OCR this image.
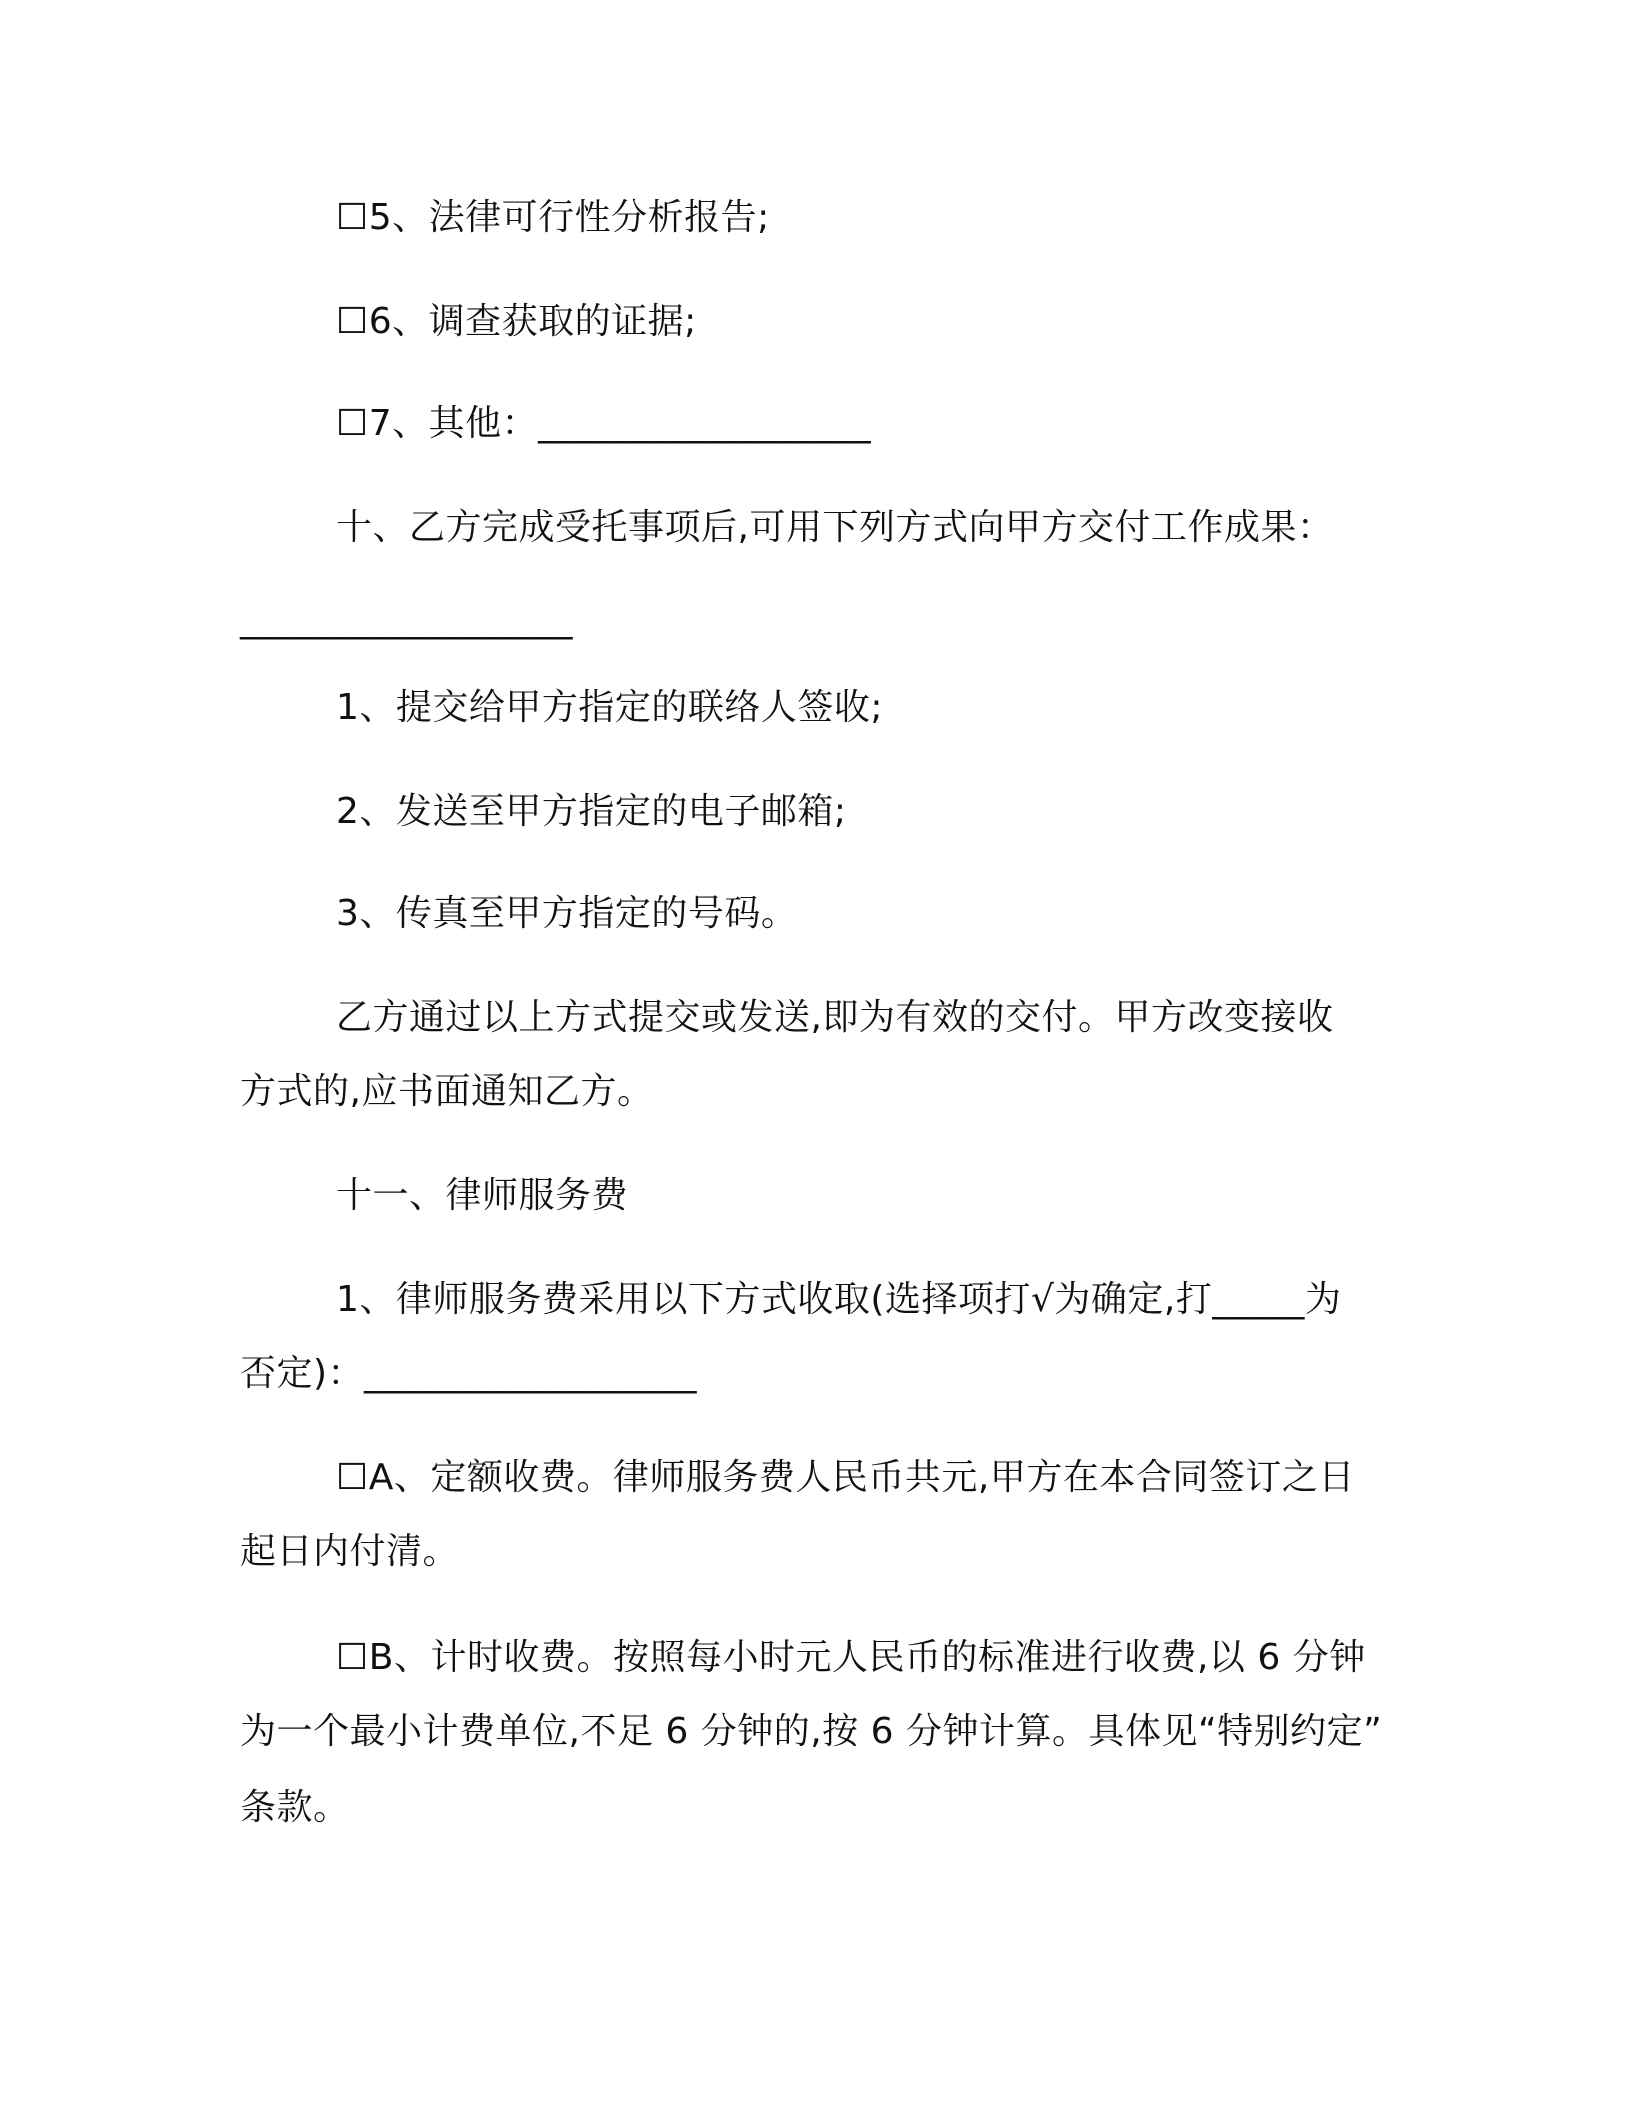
☐5、法律可行性分析报告;
☐6、调查获取的证据;
☐7、其他：__________________
十、乙方完成受托事项后,可用下列方式向甲方交付工作成果：
__________________
1、提交给甲方指定的联络人签收;
2、发送至甲方指定的电子邮箱;
3、传真至甲方指定的号码。
乙方通过以上方式提交或发送,即为有效的交付。甲方改变接收
方式的,应书面通知乙方。
十一、律师服务费
1、律师服务费采用以下方式收取(选择项打√为确定,打_____为
否定)：__________________
☐A、定额收费。律师服务费人民币共元,甲方在本合同签订之日
起日内付清。
☐B、计时收费。按照每小时元人民币的标准进行收费,以 6 分钟
为一个最小计费单位,不足 6 分钟的,按 6 分钟计算。具体见“特别约定”
条款。
